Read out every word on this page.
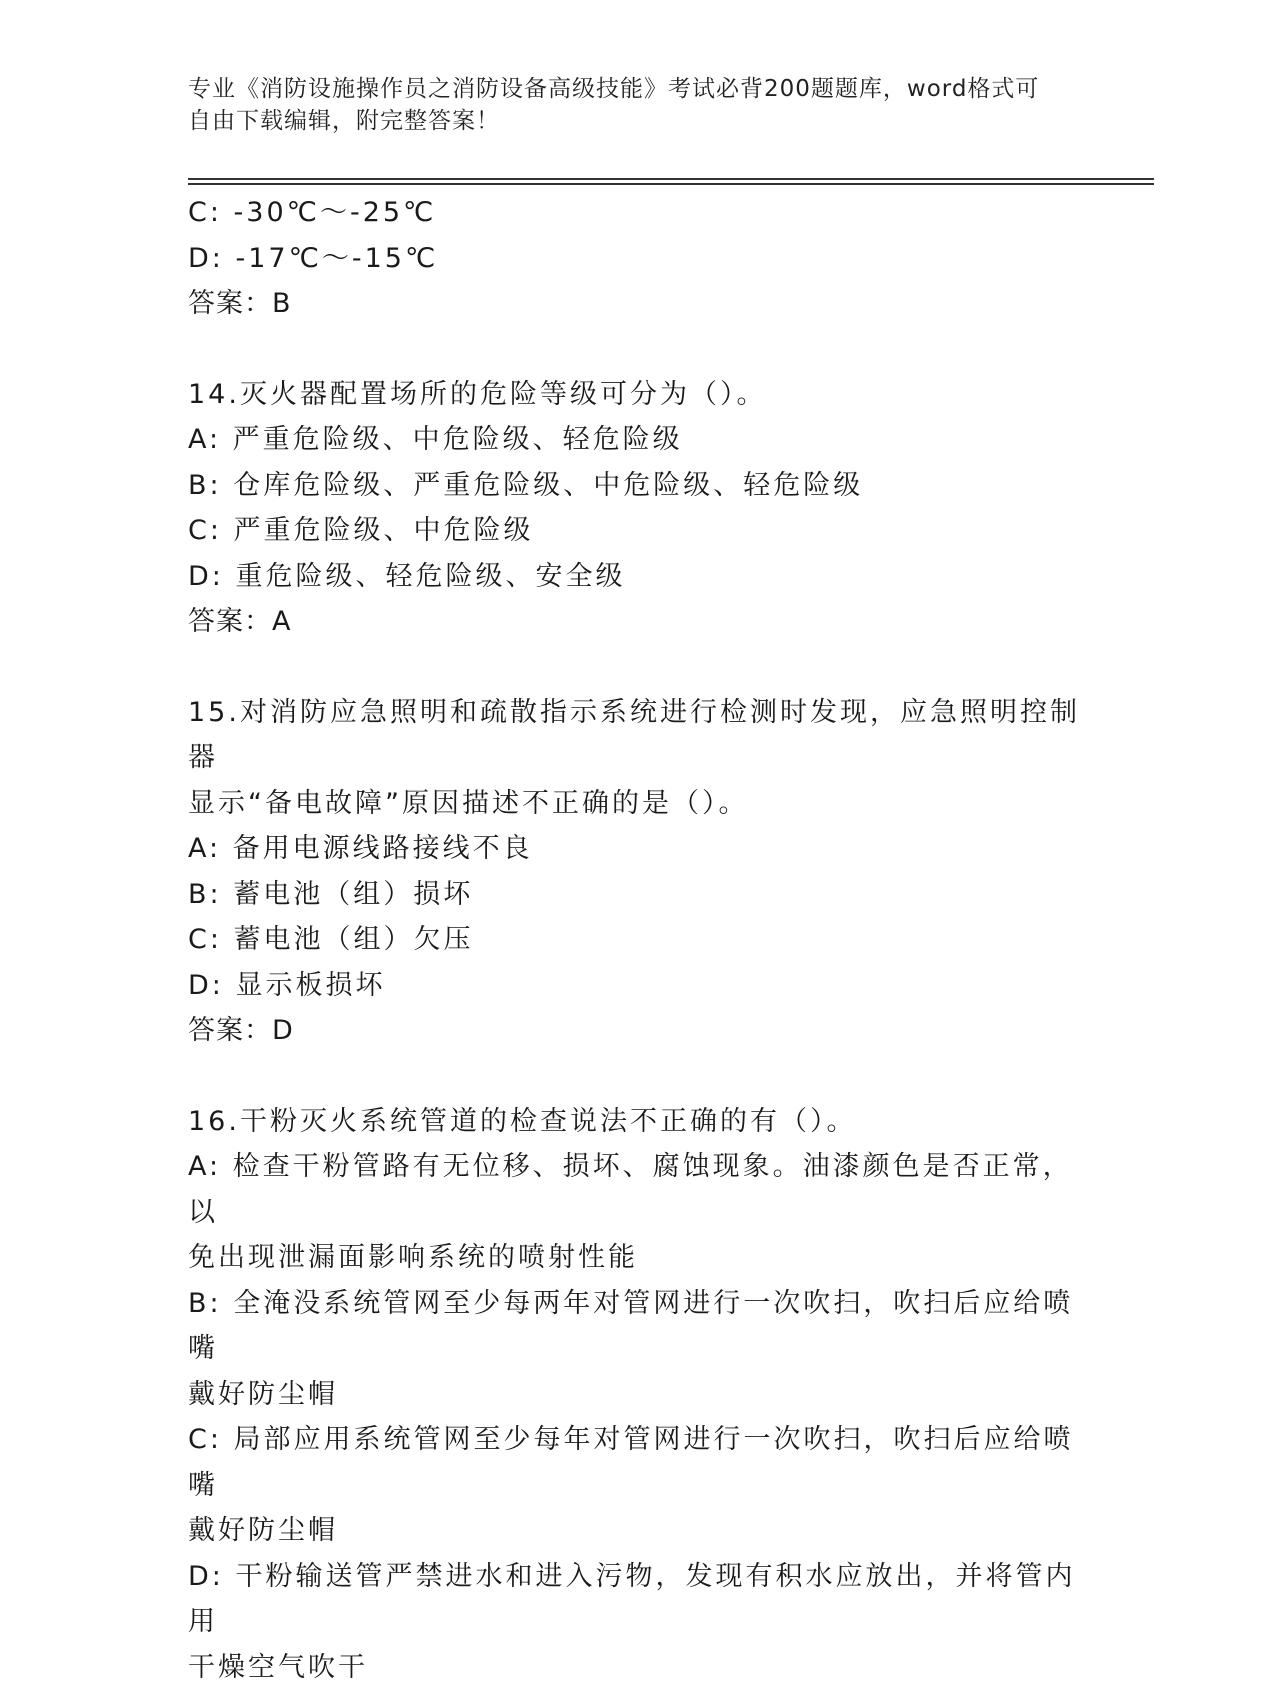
专业《消防设施操作员之消防设备高级技能》考试必背200题题库，word格式可
自由下载编辑，附完整答案！
C: -30℃～-25℃
D: -17℃～-15℃
答案：B
14.灭火器配置场所的危险等级可分为（）。
A: 严重危险级、中危险级、轻危险级
B: 仓库危险级、严重危险级、中危险级、轻危险级
C: 严重危险级、中危险级
D: 重危险级、轻危险级、安全级
答案：A
15.对消防应急照明和疏散指示系统进行检测时发现，应急照明控制器
显示“备电故障”原因描述不正确的是（）。
A: 备用电源线路接线不良
B: 蓄电池（组）损坏
C: 蓄电池（组）欠压
D: 显示板损坏
答案：D
16.干粉灭火系统管道的检查说法不正确的有（）。
A: 检查干粉管路有无位移、损坏、腐蚀现象。油漆颜色是否正常，以
免出现泄漏面影响系统的喷射性能
B: 全淹没系统管网至少每两年对管网进行一次吹扫，吹扫后应给喷嘴
戴好防尘帽
C: 局部应用系统管网至少每年对管网进行一次吹扫，吹扫后应给喷嘴
戴好防尘帽
D: 干粉输送管严禁进水和进入污物，发现有积水应放出，并将管内用
干燥空气吹干
